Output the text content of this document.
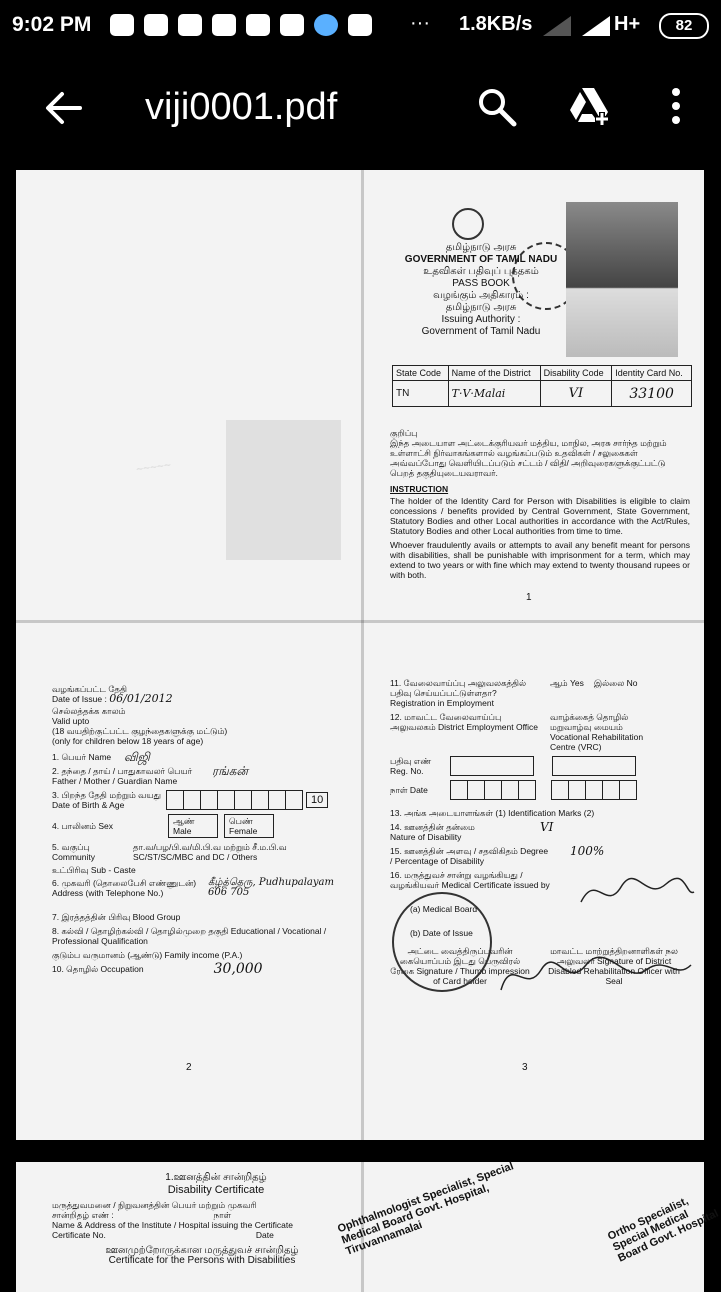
9:02 PM	··· 1.8KB/s	H+	82
viji0001.pdf
~~~~~
தமிழ்நாடு அரசு
GOVERNMENT OF TAMIL NADU
உதவிகள் பதிவுப் புத்தகம்
PASS BOOK
வழங்கும் அதிகாரம் :
தமிழ்நாடு அரசு
Issuing Authority :
Government of Tamil Nadu
State Code	Name of the District	Disability Code	Identity Card No.
TN	T·V·Malai	VI	33100
குறிப்பு
இந்த அடையாள அட்டைக்குரியவர் மத்திய, மாநில, அரசு சார்ந்த மற்றும் உள்ளாட்சி நிர்வாகங்களால் வழங்கப்படும் உதவிகள் / சலுகைகள் அவ்வப்போது வெளியிடப்படும் சட்டம் / விதி/ அறிவுரைகளுக்குட்பட்டு பெறத் தகுதியுடையவராவர்.
INSTRUCTION
The holder of the Identity Card for Person with Disabilities is eligible to claim concessions / benefits provided by Central Government, State Government, Statutory Bodies and other Local authorities in accordance with the Act/Rules, Statutory Bodies and other Local authorities from time to time.
Whoever fraudulently avails or attempts to avail any benefit meant for persons with disabilities, shall be punishable with imprisonment for a term, which may extend to two years or with fine which may extend to twenty thousand rupees or with both.
1
வழங்கப்பட்ட தேதி
Date of Issue : 06/01/2012
செல்லத்தக்க காலம்
Valid upto
(18 வயதிற்குட்பட்ட குழந்தைகளுக்கு மட்டும்)
(only for children below 18 years of age)
1. பெயர் Name விஜி
2. தந்தை / தாய் / பாதுகாவலர் பெயர் Father / Mother / Guardian Name
ரங்கன்
3. பிறந்த தேதி மற்றும் வயது Date of Birth & Age	10
4. பாலினம் Sex	ஆண் Male
பெண் Female
5. வகுப்பு Community
தா.வ/பழ/பி.வ/மி.பி.வ மற்றும் சீ.ம.பி.வ SC/ST/SC/MBC and DC / Others
உட்பிரிவு Sub - Caste
6. முகவரி (தொலைபேசி எண்ணுடன்) Address (with Telephone No.)
கீழ்த்தெரு, Pudhupalayam 606 705
7. இரத்தத்தின் பிரிவு Blood Group
8. கல்வி / தொழிற்கல்வி / தொழில்முறை தகுதி Educational / Vocational / Professional Qualification
குடும்ப வருமானம் (ஆண்டு) Family income (P.A.)
10. தொழில் Occupation	30,000
2
11. வேலைவாய்ப்பு அலுவலகத்தில் பதிவு செய்யப்பட்டுள்ளதா? Registration in Employment
ஆம் Yes இல்லை No
12. மாவட்ட வேலைவாய்ப்பு அலுவலகம் District Employment Office
வாழ்க்கைத் தொழில் மறுவாழ்வு மையம் Vocational Rehabilitation Centre (VRC)
பதிவு எண் Reg. No.
நாள் Date
13. அங்க அடையாளங்கள் (1) Identification Marks (2)
14. ஊனத்தின் தன்மை Nature of Disability
VI
15. ஊனத்தின் அளவு / சதவிகிதம் Degree / Percentage of Disability
100%
16. மருத்துவச் சான்று வழங்கியது / வழங்கியவர் Medical Certificate issued by
(a) Medical Board
(b) Date of Issue
அட்டை வைத்திருப்பவரின் கையொப்பம் இடது பெருவிரல் ரேகை Signature / Thumb impression of Card holder
மாவட்ட மாற்றுத்திறனாளிகள் நல அலுவலர் Signature of District Disabled Rehabilitation Officer with Seal
3
1.ஊனத்தின் சான்றிதழ்
Disability Certificate
மருத்துவமனை / நிறுவனத்தின் பெயர் மற்றும் முகவரி
சான்றிதழ் எண் :	நாள்
Name & Address of the Institute / Hospital issuing the Certificate
Certificate No.	Date
ஊனமுற்றோருக்கான மருத்துவச் சான்றிதழ்
Certificate for the Persons with Disabilities
Ophthalmologist Specialist, Special Medical Board Govt. Hospital, Tiruvannamalai	Ortho Specialist, Special Medical Board Govt. Hospital
